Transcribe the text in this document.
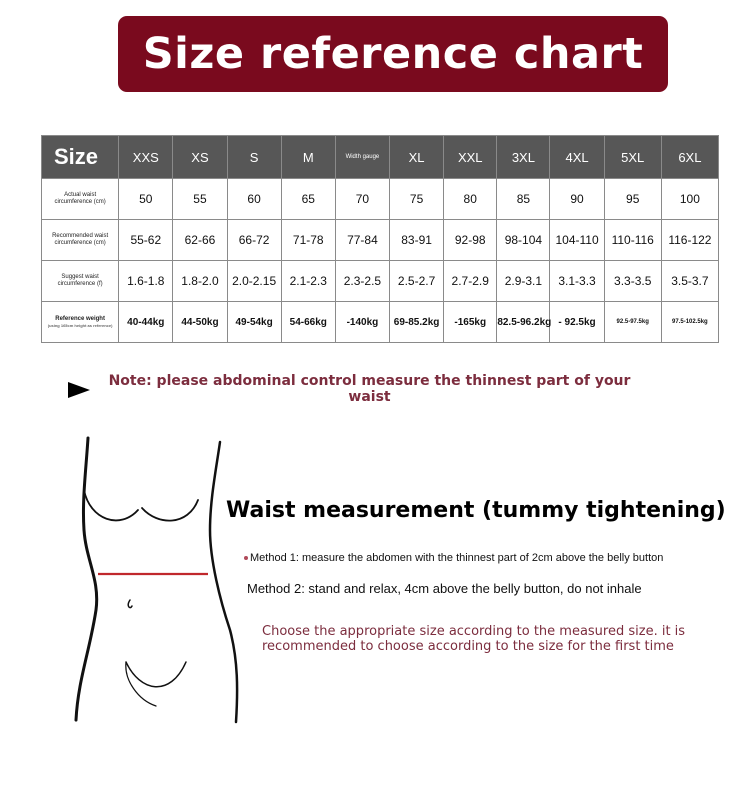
Size reference chart
Size	XXS	XS	S	M	Width gauge	XL	XXL	3XL	4XL	5XL	6XL
Actual waist circumference (cm)	50	55	60	65	70	75	80	85	90	95	100
Recommended waist circumference (cm)	55-62	62-66	66-72	71-78	77-84	83-91	92-98	98-104	104-110	110-116	116-122
Suggest waist circumference (f)	1.6-1.8	1.8-2.0	2.0-2.15	2.1-2.3	2.3-2.5	2.5-2.7	2.7-2.9	2.9-3.1	3.1-3.3	3.3-3.5	3.5-3.7
Reference weight
(using 165cm height as reference)	40-44kg	44-50kg	49-54kg	54-66kg	-140kg	69-85.2kg	-165kg	82.5-96.2kg	- 92.5kg	92.5-97.5kg	97.5-102.5kg
Note: please abdominal control measure the thinnest part of your waist
Waist measurement (tummy tightening)
Method 1: measure the abdomen with the thinnest part of 2cm above the belly button
Method 2: stand and relax, 4cm above the belly button, do not inhale
Choose the appropriate size according to the measured size. it is recommended to choose according to the size for the first time
